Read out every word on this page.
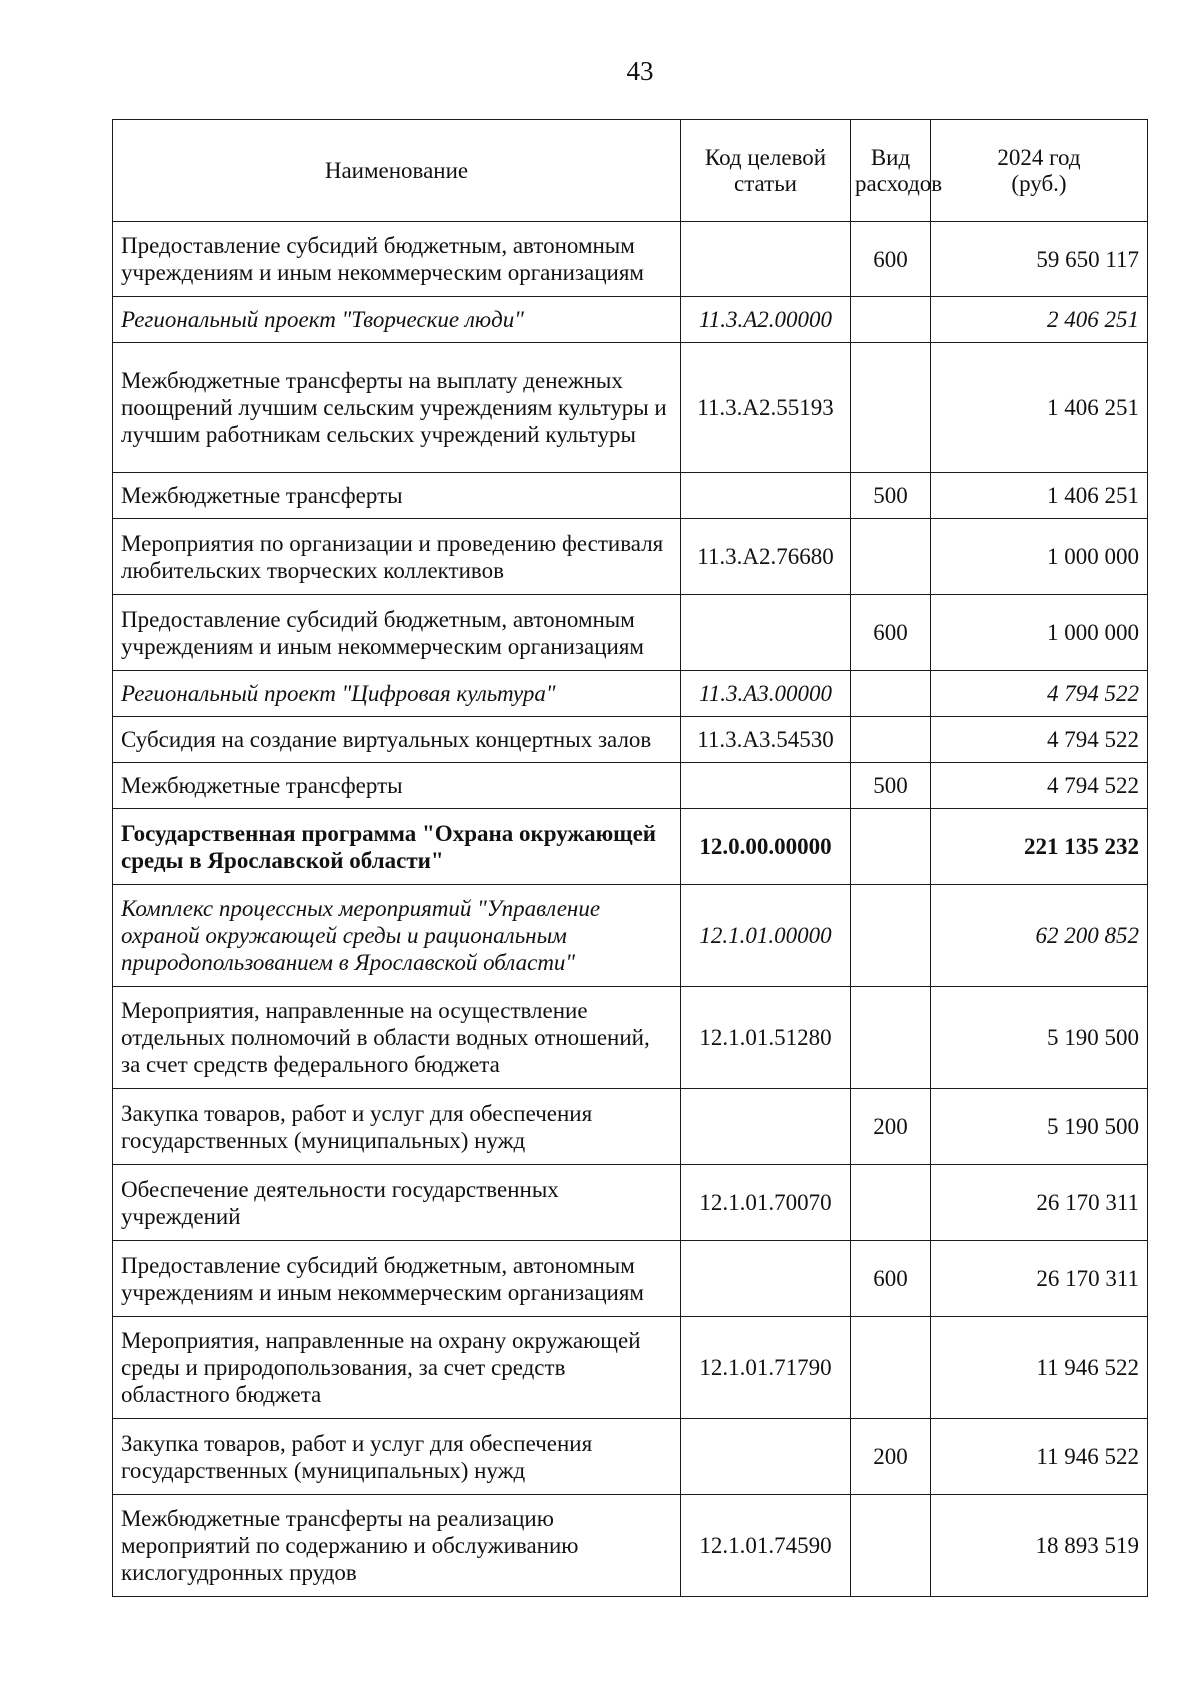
43
Наименование	Код целевой статьи	Вид расходов	2024 год (руб.)
Предоставление субсидий бюджетным, автономным учреждениям и иным некоммерческим организациям		600	59 650 117
Региональный проект "Творческие люди"	11.3.А2.00000		2 406 251
Межбюджетные трансферты на выплату денежных поощрений лучшим сельским учреждениям культуры и лучшим работникам сельских учреждений культуры	11.3.А2.55193		1 406 251
Межбюджетные трансферты		500	1 406 251
Мероприятия по организации и проведению фестиваля любительских творческих коллективов	11.3.А2.76680		1 000 000
Предоставление субсидий бюджетным, автономным учреждениям и иным некоммерческим организациям		600	1 000 000
Региональный проект "Цифровая культура"	11.3.А3.00000		4 794 522
Субсидия на создание виртуальных концертных залов	11.3.А3.54530		4 794 522
Межбюджетные трансферты		500	4 794 522
Государственная программа "Охрана окружающей среды в Ярославской области"	12.0.00.00000		221 135 232
Комплекс процессных мероприятий "Управление охраной окружающей среды и рациональным природопользованием в Ярославской области"	12.1.01.00000		62 200 852
Мероприятия, направленные на осуществление отдельных полномочий в области водных отношений, за счет средств федерального бюджета	12.1.01.51280		5 190 500
Закупка товаров, работ и услуг для обеспечения государственных (муниципальных) нужд		200	5 190 500
Обеспечение деятельности государственных учреждений	12.1.01.70070		26 170 311
Предоставление субсидий бюджетным, автономным учреждениям и иным некоммерческим организациям		600	26 170 311
Мероприятия, направленные на охрану окружающей среды и природопользования, за счет средств областного бюджета	12.1.01.71790		11 946 522
Закупка товаров, работ и услуг для обеспечения государственных (муниципальных) нужд		200	11 946 522
Межбюджетные трансферты на реализацию мероприятий по содержанию и обслуживанию кислогудронных прудов	12.1.01.74590		18 893 519
